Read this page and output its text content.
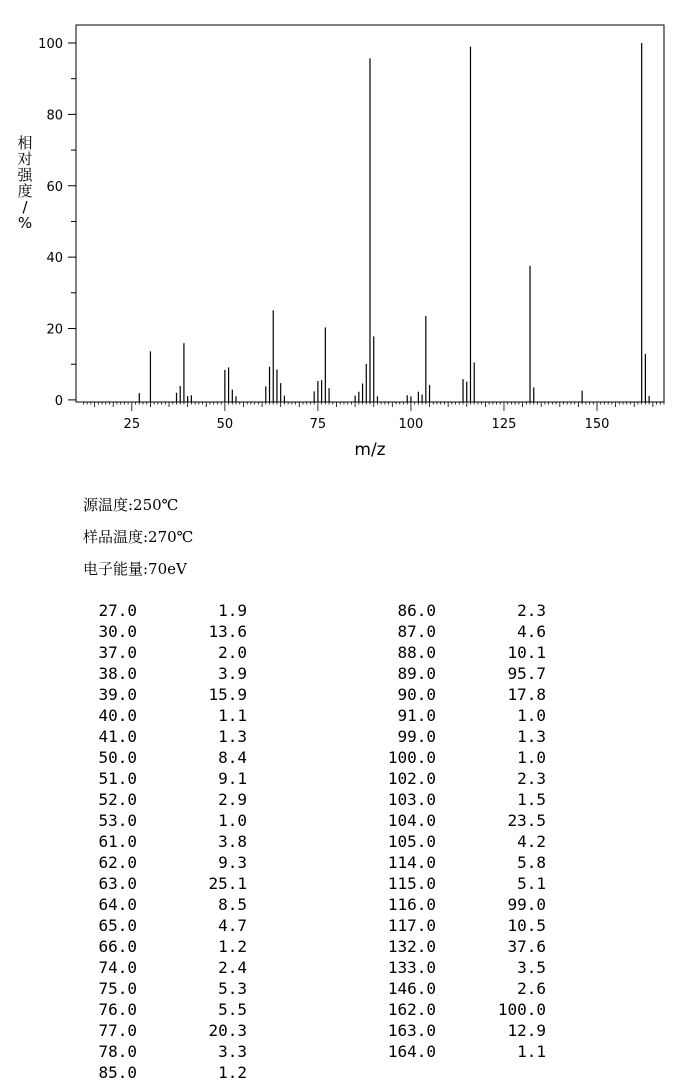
0
20
40
60
80
100
25	50	75	100	125	150
m/z
相对强度/ %
源温度:250℃
样品温度:270℃
电子能量:70eV
27.0	1.9
30.0	13.6
37.0	2.0
38.0	3.9
39.0	15.9
40.0	1.1
41.0	1.3
50.0	8.4
51.0	9.1
52.0	2.9
53.0	1.0
61.0	3.8
62.0	9.3
63.0	25.1
64.0	8.5
65.0	4.7
66.0	1.2
74.0	2.4
75.0	5.3
76.0	5.5
77.0	20.3
78.0	3.3
85.0	1.2
86.0	2.3
87.0	4.6
88.0	10.1
89.0	95.7
90.0	17.8
91.0	1.0
99.0	1.3
100.0	1.0
102.0	2.3
103.0	1.5
104.0	23.5
105.0	4.2
114.0	5.8
115.0	5.1
116.0	99.0
117.0	10.5
132.0	37.6
133.0	3.5
146.0	2.6
162.0	100.0
163.0	12.9
164.0	1.1
